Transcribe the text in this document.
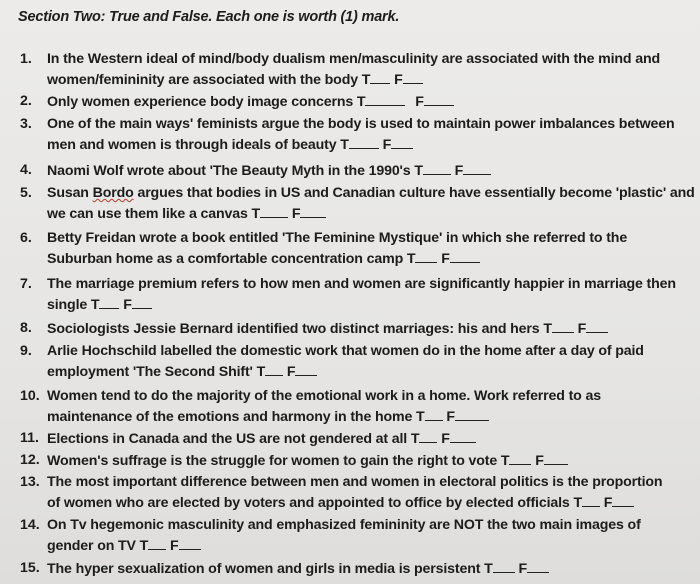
Section Two: True and False. Each one is worth (1) mark.
1.	In the Western ideal of mind/body dualism men/masculinity are associated with the mind and
women/femininity are associated with the body T F
2.	Only women experience body image concerns T	F
3.	One of the main ways' feminists argue the body is used to maintain power imbalances between
men and women is through ideals of beauty T F
4.	Naomi Wolf wrote about 'The Beauty Myth in the 1990's T F
5.	Susan Bordo argues that bodies in US and Canadian culture have essentially become 'plastic' and
we can use them like a canvas T F
6.	Betty Freidan wrote a book entitled 'The Feminine Mystique' in which she referred to the
Suburban home as a comfortable concentration camp T F
7.	The marriage premium refers to how men and women are significantly happier in marriage then
single T F
8.	Sociologists Jessie Bernard identified two distinct marriages: his and hers T F
9.	Arlie Hochschild labelled the domestic work that women do in the home after a day of paid
employment 'The Second Shift' T F
10. Women tend to do the majority of the emotional work in a home. Work referred to as
maintenance of the emotions and harmony in the home T F
11. Elections in Canada and the US are not gendered at all T F
12. Women's suffrage is the struggle for women to gain the right to vote T F
13. The most important difference between men and women in electoral politics is the proportion
of women who are elected by voters and appointed to office by elected officials T F
14. On Tv hegemonic masculinity and emphasized femininity are NOT the two main images of
gender on TV T F
15. The hyper sexualization of women and girls in media is persistent T F
